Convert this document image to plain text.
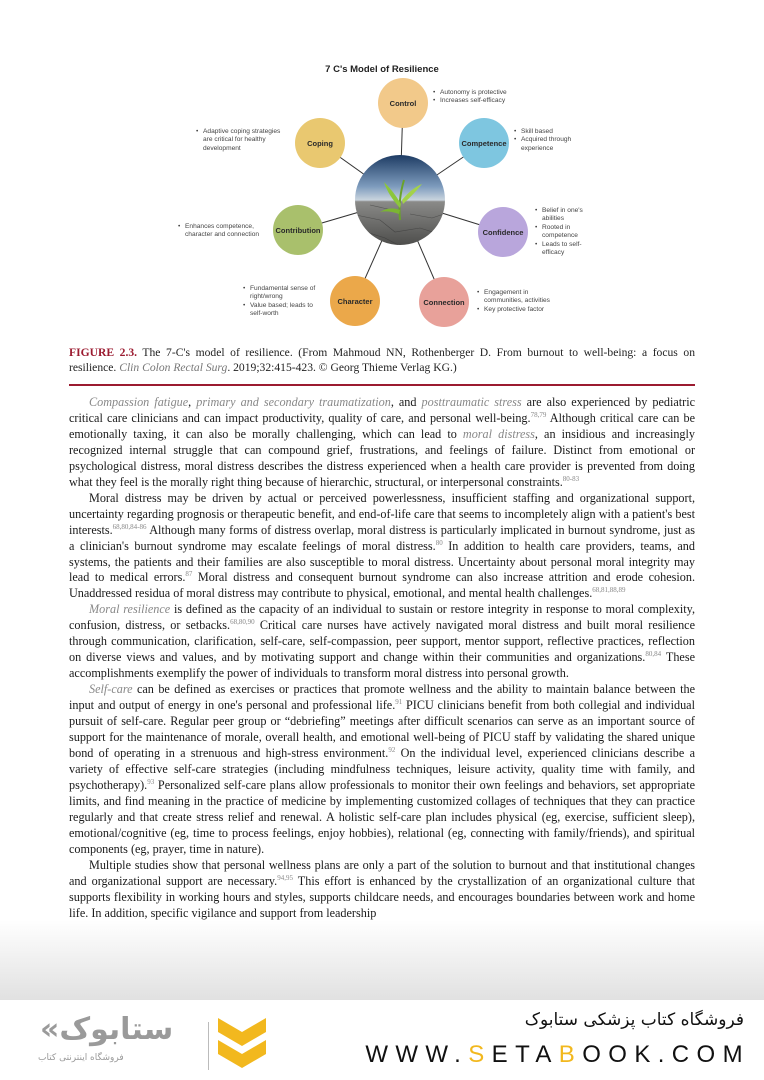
7 C's Model of Resilience
Control
Competence
Confidence
Connection
Character
Contribution
Coping
• Autonomy is protective
• Increases self-efficacy
• Skill based
• Acquired through experience
• Belief in one's abilities
• Rooted in competence
• Leads to self-efficacy
• Engagement in communities, activities
• Key protective factor
• Fundamental sense of right/wrong
• Value based; leads to self-worth
• Enhances competence, character and connection
• Adaptive coping strategies are critical for healthy development
FIGURE 2.3. The 7-C's model of resilience. (From Mahmoud NN, Rothenberger D. From burnout to well-being: a focus on resilience. Clin Colon Rectal Surg. 2019;32:415-423. © Georg Thieme Verlag KG.)

Compassion fatigue, primary and secondary traumatization, and posttraumatic stress are also experienced by pediatric critical care clinicians and can impact productivity, quality of care, and personal well-being.$^{78,79}$ Although critical care can be emotionally taxing, it can also be morally challenging, which can lead to moral distress, an insidious and increasingly recognized internal struggle that can compound grief, frustrations, and feelings of failure. Distinct from emotional or psychological distress, moral distress describes the distress experienced when a health care provider is prevented from doing what they feel is the morally right thing because of hierarchic, structural, or interpersonal constraints.$^{80-83}$

Moral distress may be driven by actual or perceived powerlessness, insufficient staffing and organizational support, uncertainty regarding prognosis or therapeutic benefit, and end-of-life care that seems to incompletely align with a patient's best interests.$^{68,80,84-86}$ Although many forms of distress overlap, moral distress is particularly implicated in burnout syndrome, just as a clinician's burnout syndrome may escalate feelings of moral distress.$^{80}$ In addition to health care providers, teams, and systems, the patients and their families are also susceptible to moral distress. Uncertainty about personal moral integrity may lead to medical errors.$^{87}$ Moral distress and consequent burnout syndrome can also increase attrition and erode cohesion. Unaddressed residua of moral distress may contribute to physical, emotional, and mental health challenges.$^{68,81,88,89}$

Moral resilience is defined as the capacity of an individual to sustain or restore integrity in response to moral complexity, confusion, distress, or setbacks.$^{68,80,90}$ Critical care nurses have actively navigated moral distress and built moral resilience through communication, clarification, self-care, self-compassion, peer support, mentor support, reflective practices, reflection on diverse views and values, and by motivating support and change within their communities and organizations.$^{80,84}$ These accomplishments exemplify the power of individuals to transform moral distress into personal growth.

Self-care can be defined as exercises or practices that promote wellness and the ability to maintain balance between the input and output of energy in one's personal and professional life.$^{91}$ PICU clinicians benefit from both collegial and individual pursuit of self-care. Regular peer group or “debriefing” meetings after difficult scenarios can serve as an important source of support for the maintenance of morale, overall health, and emotional well-being of PICU staff by validating the shared unique bond of operating in a strenuous and high-stress environment.$^{92}$ On the individual level, experienced clinicians describe a variety of effective self-care strategies (including mindfulness techniques, leisure activity, quality time with family, and psychotherapy).$^{93}$ Personalized self-care plans allow professionals to monitor their own feelings and behaviors, set appropriate limits, and find meaning in the practice of medicine by implementing customized collages of techniques that they can practice regularly and that create stress relief and renewal. A holistic self-care plan includes physical (eg, exercise, sufficient sleep), emotional/cognitive (eg, time to process feelings, enjoy hobbies), relational (eg, connecting with family/friends), and spiritual components (eg, prayer, time in nature).

Multiple studies show that personal wellness plans are only a part of the solution to burnout and that institutional changes and organizational support are necessary.$^{94,95}$ This effort is enhanced by the crystallization of an organizational culture that supports flexibility in working hours and styles, supports childcare needs, and encourages boundaries between work and home life. In addition, specific vigilance and support from leadership

«ستابوک
فروشگاه اینترنتی کتاب
فروشگاه کتاب پزشکی ستابوک
WWW.SETABOOK.COM
